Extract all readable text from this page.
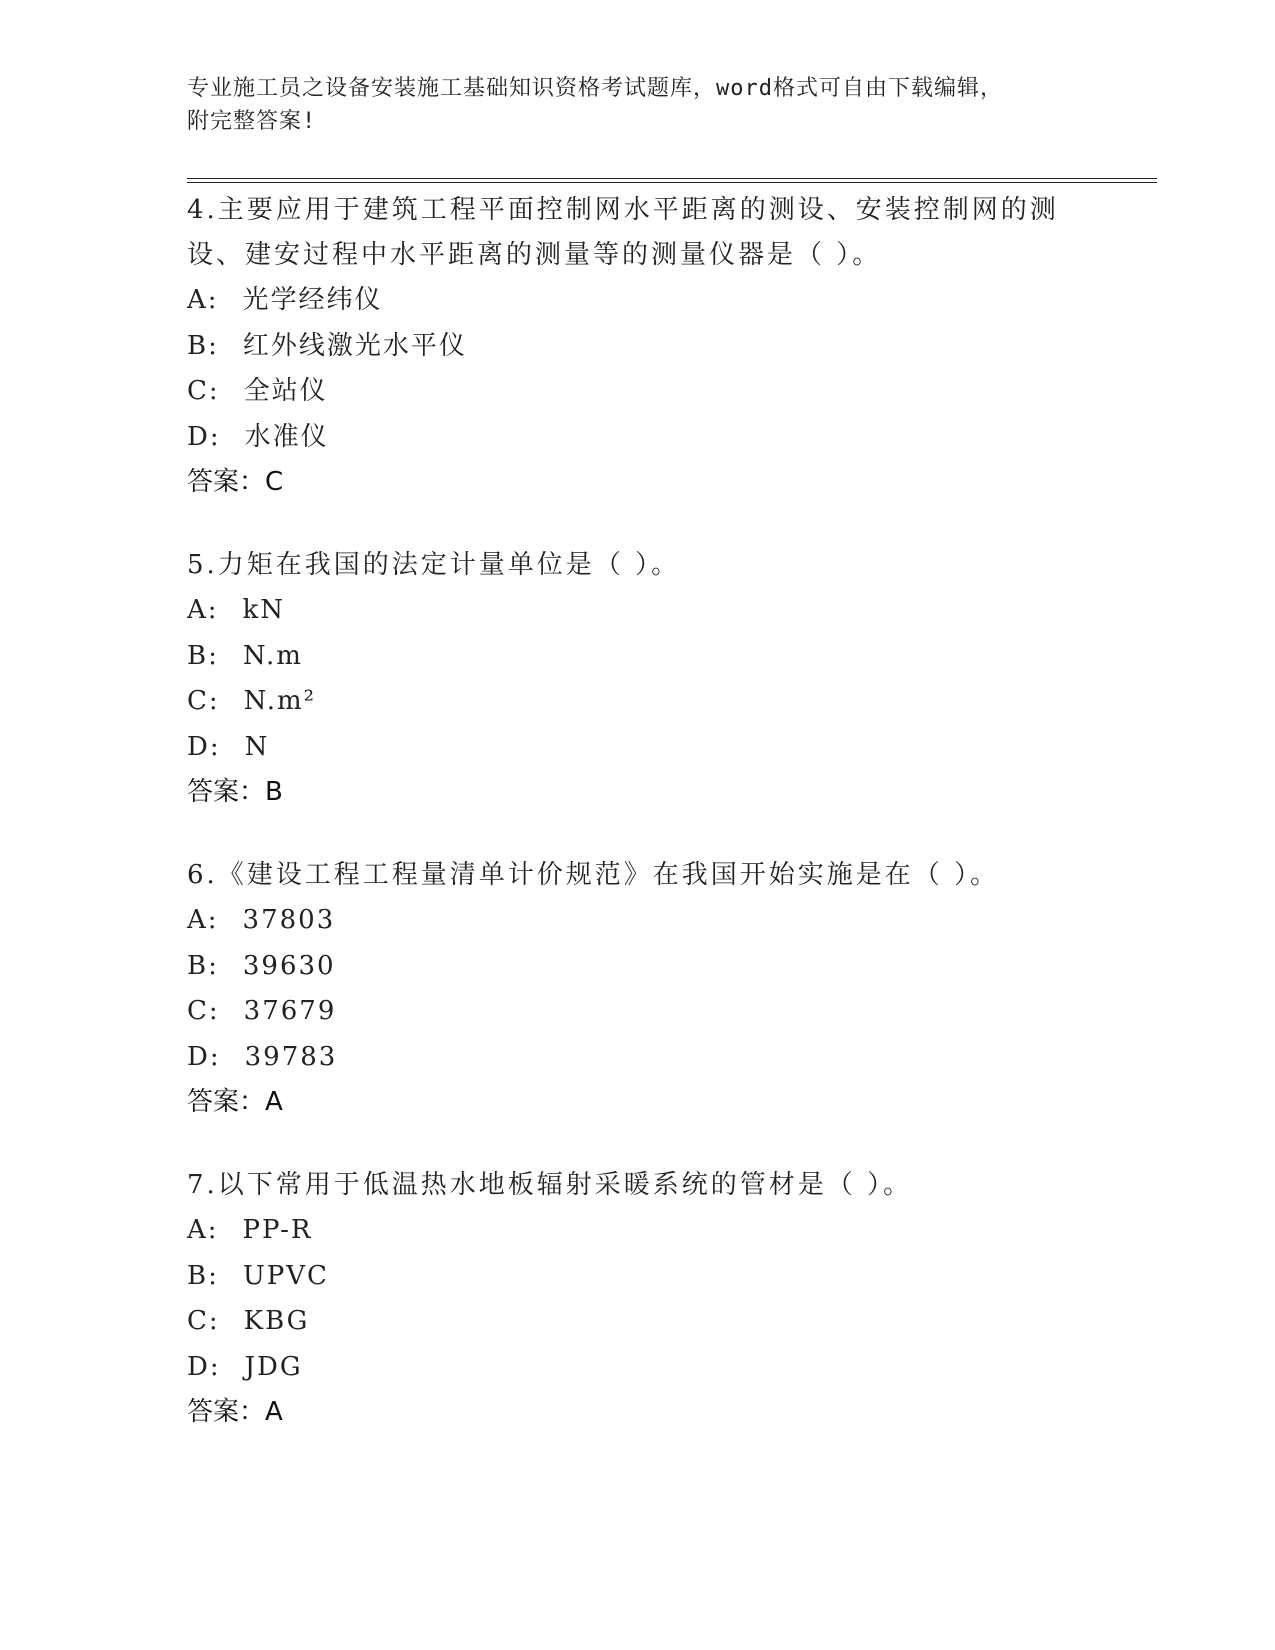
专业施工员之设备安装施工基础知识资格考试题库，word格式可自由下载编辑，
附完整答案!
4.主要应用于建筑工程平面控制网水平距离的测设、安装控制网的测设、建安过程中水平距离的测量等的测量仪器是（ ）。
A: 光学经纬仪
B: 红外线激光水平仪
C: 全站仪
D: 水准仪
答案：C
5.力矩在我国的法定计量单位是（ ）。
A: kN
B: N.m
C: N.m²
D: N
答案：B
6.《建设工程工程量清单计价规范》在我国开始实施是在（ ）。
A: 37803
B: 39630
C: 37679
D: 39783
答案：A
7.以下常用于低温热水地板辐射采暖系统的管材是（ ）。
A: PP-R
B: UPVC
C: KBG
D: JDG
答案：A
